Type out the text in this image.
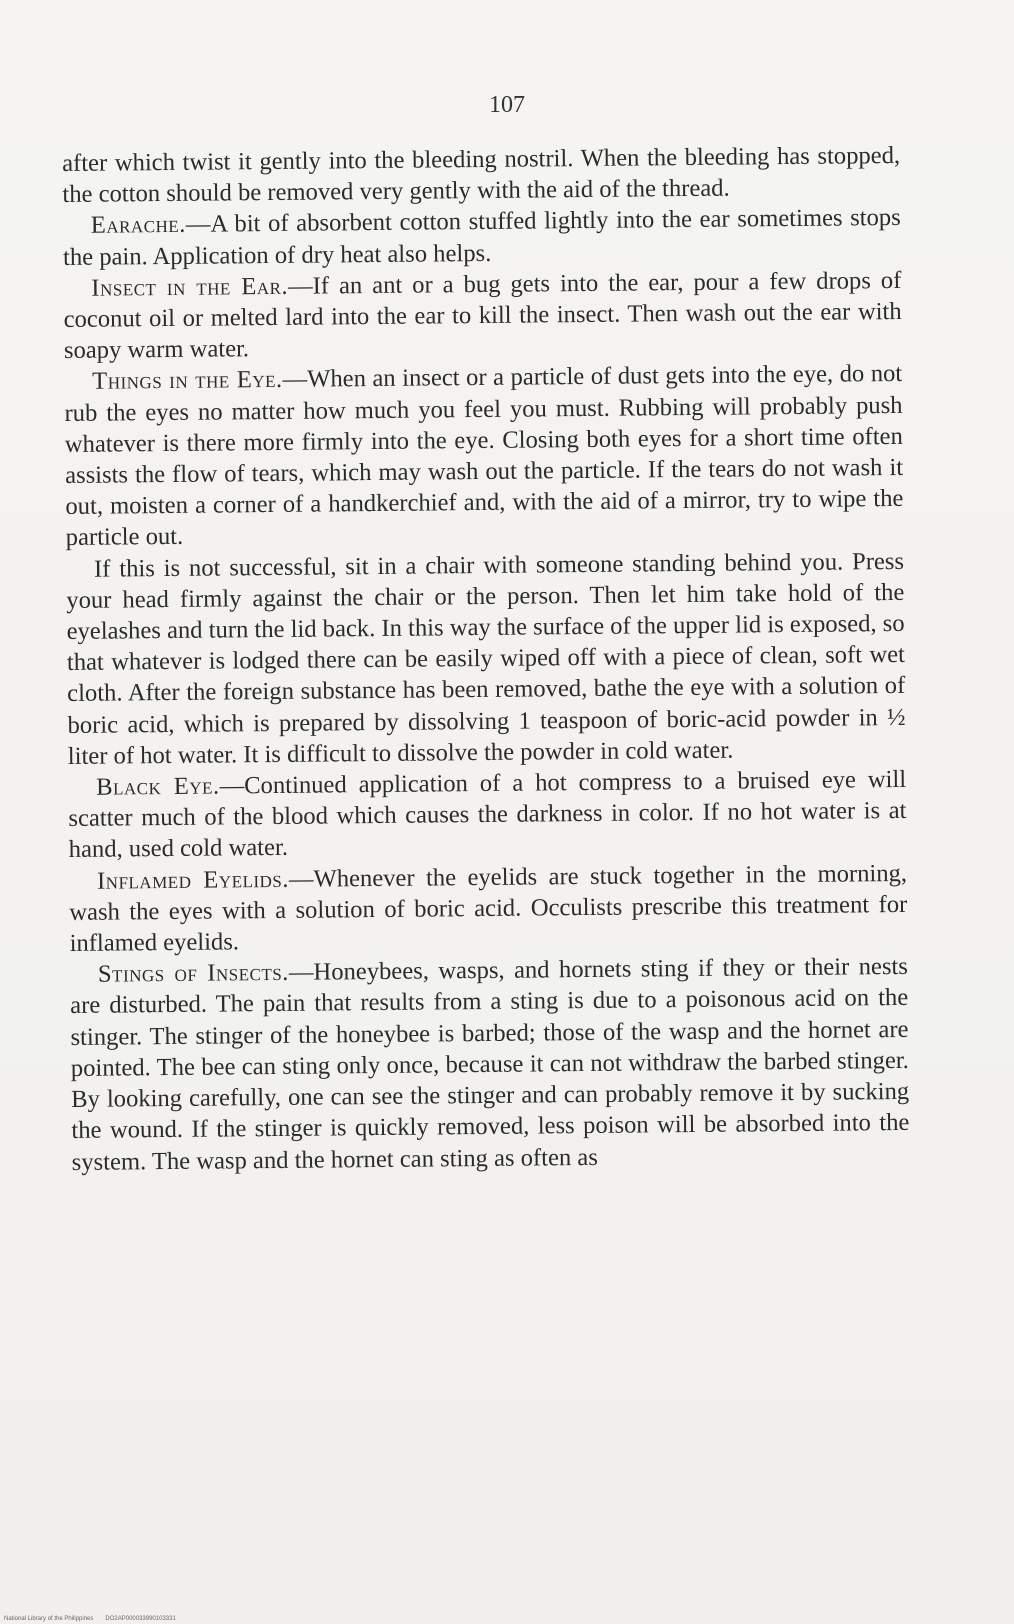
107

after which twist it gently into the bleeding nostril. When the bleeding has stopped, the cotton should be removed very gently with the aid of the thread.

Earache.—A bit of absorbent cotton stuffed lightly into the ear sometimes stops the pain. Application of dry heat also helps.

Insect in the Ear.—If an ant or a bug gets into the ear, pour a few drops of coconut oil or melted lard into the ear to kill the insect. Then wash out the ear with soapy warm water.

Things in the Eye.—When an insect or a particle of dust gets into the eye, do not rub the eyes no matter how much you feel you must. Rubbing will probably push whatever is there more firmly into the eye. Closing both eyes for a short time often assists the flow of tears, which may wash out the particle. If the tears do not wash it out, moisten a corner of a handkerchief and, with the aid of a mirror, try to wipe the particle out.

If this is not successful, sit in a chair with someone standing behind you. Press your head firmly against the chair or the person. Then let him take hold of the eyelashes and turn the lid back. In this way the surface of the upper lid is exposed, so that whatever is lodged there can be easily wiped off with a piece of clean, soft wet cloth. After the foreign substance has been removed, bathe the eye with a solution of boric acid, which is prepared by dissolving 1 teaspoon of boric-acid powder in ½ liter of hot water. It is difficult to dissolve the powder in cold water.

Black Eye.—Continued application of a hot compress to a bruised eye will scatter much of the blood which causes the darkness in color. If no hot water is at hand, used cold water.

Inflamed Eyelids.—Whenever the eyelids are stuck together in the morning, wash the eyes with a solution of boric acid. Occulists prescribe this treatment for inflamed eyelids.

Stings of Insects.—Honeybees, wasps, and hornets sting if they or their nests are disturbed. The pain that results from a sting is due to a poisonous acid on the stinger. The stinger of the honeybee is barbed; those of the wasp and the hornet are pointed. The bee can sting only once, because it can not withdraw the barbed stinger. By looking carefully, one can see the stinger and can probably remove it by sucking the wound. If the stinger is quickly removed, less poison will be absorbed into the system. The wasp and the hornet can sting as often as

National Library of the Philippines DO2AP000033990103331
